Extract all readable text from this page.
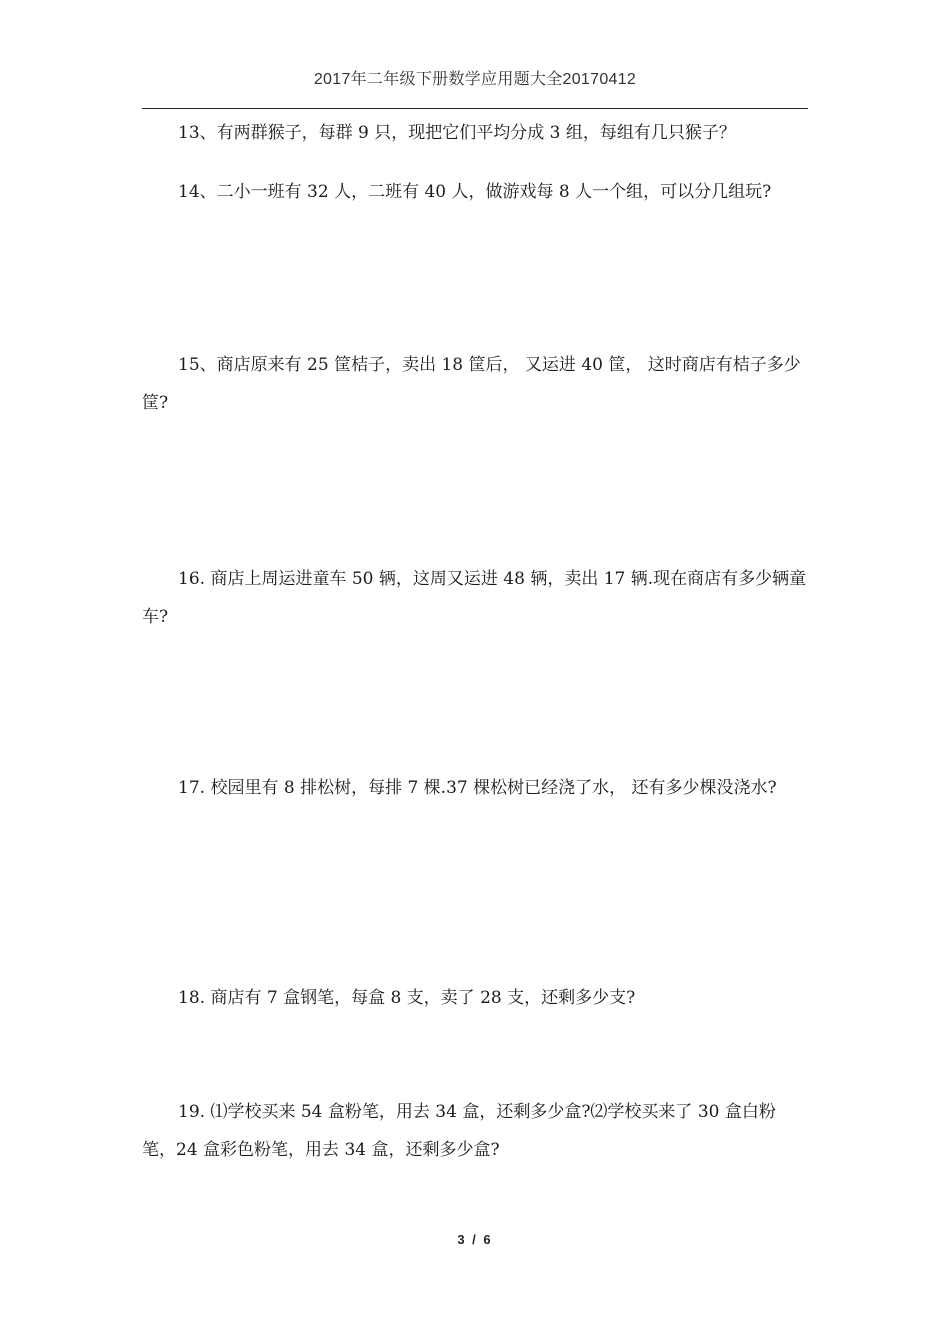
2017年二年级下册数学应用题大全20170412

13、有两群猴子，每群 9 只，现把它们平均分成 3 组，每组有几只猴子？

14、二小一班有 32 人，二班有 40 人，做游戏每 8 人一个组，可以分几组玩?

15、商店原来有 25 筐桔子，卖出 18 筐后， 又运进 40 筐， 这时商店有桔子多少筐?

16. 商店上周运进童车 50 辆，这周又运进 48 辆，卖出 17 辆.现在商店有多少辆童车?

17. 校园里有 8 排松树，每排 7 棵.37 棵松树已经浇了水， 还有多少棵没浇水?

18. 商店有 7 盒钢笔，每盒 8 支，卖了 28 支，还剩多少支?

19. ⑴学校买来 54 盒粉笔，用去 34 盒，还剩多少盒?⑵学校买来了 30 盒白粉笔，24 盒彩色粉笔，用去 34 盒，还剩多少盒?

3 / 6
